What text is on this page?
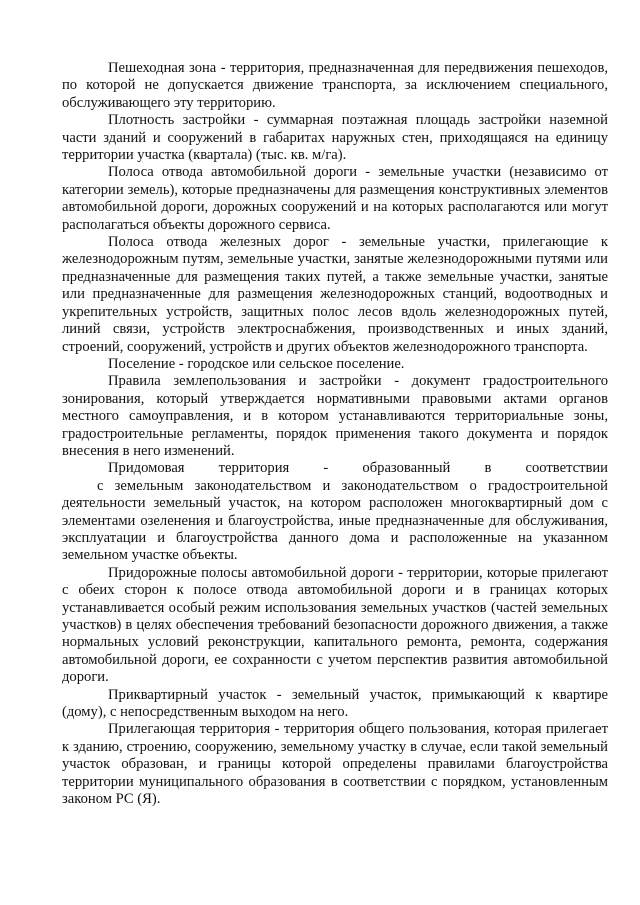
Пешеходная зона - территория, предназначенная для передвижения пешеходов, по которой не допускается движение транспорта, за исключением специального, обслуживающего эту территорию.

Плотность застройки - суммарная поэтажная площадь застройки наземной части зданий и сооружений в габаритах наружных стен, приходящаяся на единицу территории участка (квартала) (тыс. кв. м/га).

Полоса отвода автомобильной дороги - земельные участки (независимо от категории земель), которые предназначены для размещения конструктивных элементов автомобильной дороги, дорожных сооружений и на которых располагаются или могут располагаться объекты дорожного сервиса.

Полоса отвода железных дорог - земельные участки, прилегающие к железнодорожным путям, земельные участки, занятые железнодорожными путями или предназначенные для размещения таких путей, а также земельные участки, занятые или предназначенные для размещения железнодорожных станций, водоотводных и укрепительных устройств, защитных полос лесов вдоль железнодорожных путей, линий связи, устройств электроснабжения, производственных и иных зданий, строений, сооружений, устройств и других объектов железнодорожного транспорта.

Поселение - городское или сельское поселение.

Правила землепользования и застройки - документ градостроительного зонирования, который утверждается нормативными правовыми актами органов местного самоуправления, и в котором устанавливаются территориальные зоны, градостроительные регламенты, порядок применения такого документа и порядок внесения в него изменений.

Придомовая территория - образованный в соответствии

с земельным законодательством и законодательством о градостроительной
деятельности земельный участок, на котором расположен многоквартирный дом с элементами озеленения и благоустройства, иные предназначенные для обслуживания, эксплуатации и благоустройства данного дома и расположенные на указанном земельном участке объекты.

Придорожные полосы автомобильной дороги - территории, которые прилегают с обеих сторон к полосе отвода автомобильной дороги и в границах которых устанавливается особый режим использования земельных участков (частей земельных участков) в целях обеспечения требований безопасности дорожного движения, а также нормальных условий реконструкции, капитального ремонта, ремонта, содержания автомобильной дороги, ее сохранности с учетом перспектив развития автомобильной дороги.

Приквартирный участок - земельный участок, примыкающий к квартире (дому), с непосредственным выходом на него.

Прилегающая территория - территория общего пользования, которая прилегает к зданию, строению, сооружению, земельному участку в случае, если такой земельный участок образован, и границы которой определены правилами благоустройства территории муниципального образования в соответствии с порядком, установленным законом РС (Я).
